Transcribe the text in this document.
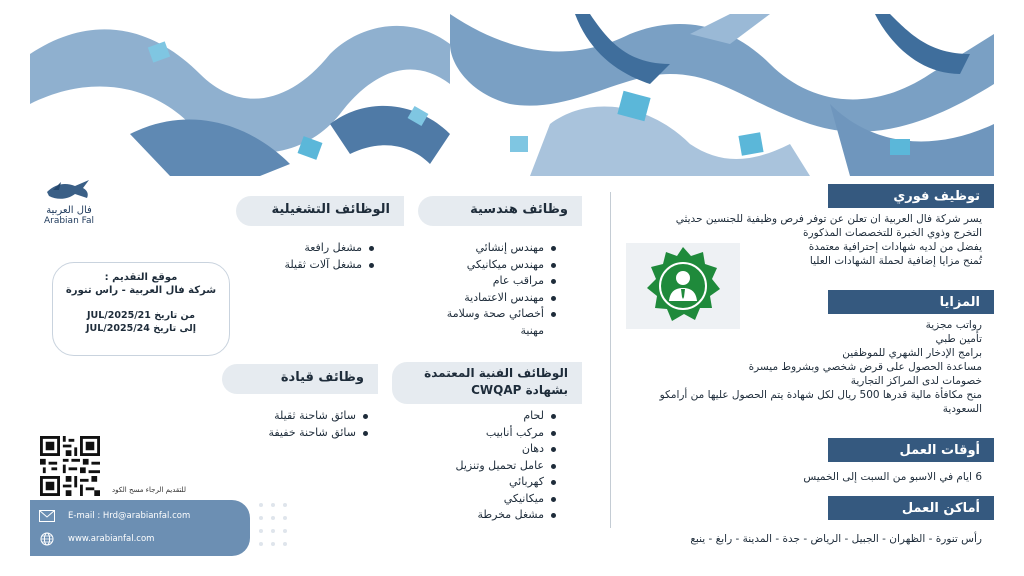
فال العربية
Arabian Fal
موقع التقديم :
شركة فال العربية - راس تنورة
من تاريخ JUL/2025/21
إلى تاريخ JUL/2025/24
للتقديم الرجاء مسح الكود
E-mail : Hrd@arabianfal.com
www.arabianfal.com
وظائف هندسية
مهندس إنشائي
مهندس ميكانيكي
مراقب عام
مهندس الاعتمادية
أخصائي صحة وسلامة مهنية
الوظائف الفنية المعتمدة
بشهادة CWQAP
لحام
مركب أنابيب
دهان
عامل تحميل وتنزيل
كهربائي
ميكانيكي
مشغل مخرطة
الوظائف التشغيلية
مشغل رافعة
مشغل آلات ثقيلة
وظائف قيادة
سائق شاحنة ثقيلة
سائق شاحنة خفيفة
توظيف فوري
يسر شركة فال العربية ان تعلن عن توفر فرص وظيفية للجنسين حديثي
التخرج وذوي الخبرة للتخصصات المذكورة
يفضل من لديه شهادات إحترافية معتمدة
تُمنح مزايا إضافية لحملة الشهادات العليا
المزايا
رواتب مجزية
تأمين طبي
برامج الإدخار الشهري للموظفين
مساعدة الحصول على قرض شخصي وبشروط ميسرة
خصومات لدى المراكز التجارية
منح مكافأة مالية قدرها 500 ريال لكل شهادة يتم الحصول عليها من أرامكو
السعودية
أوقات العمل
6 ايام في الاسبو من السبت إلى الخميس
أماكن العمل
رأس تنورة - الظهران - الجبيل - الرياض - جدة - المدينة - رابغ - ينبع
